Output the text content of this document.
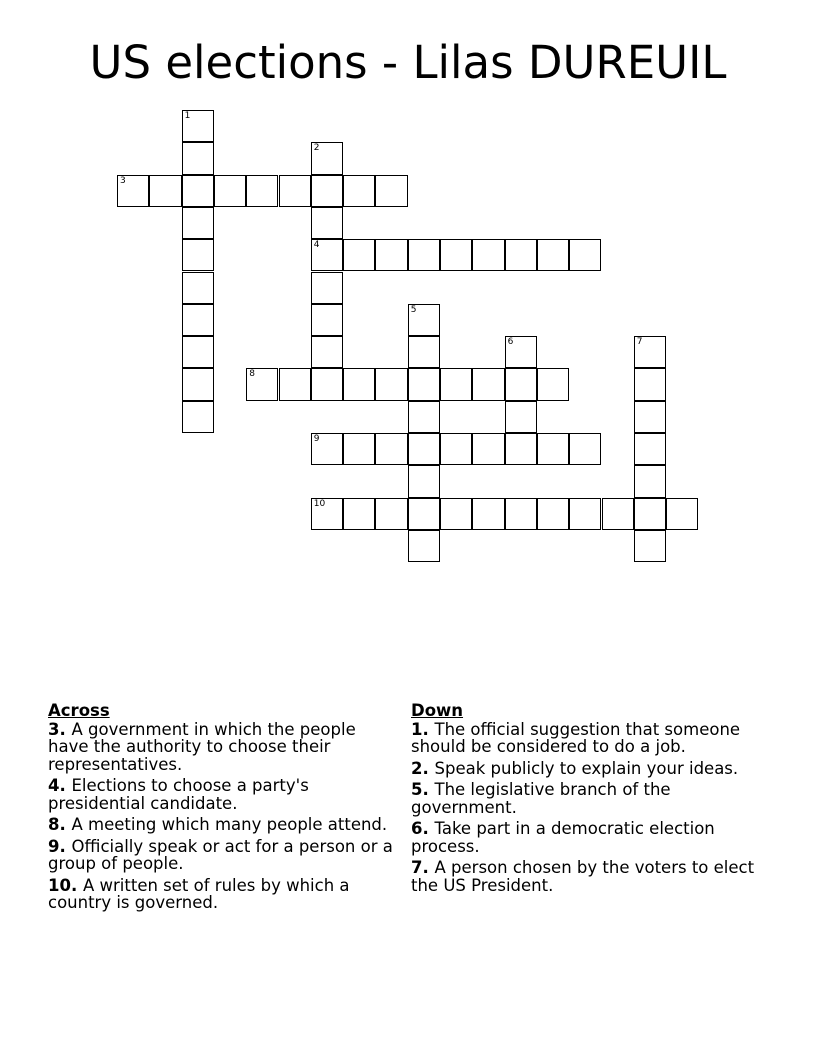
US elections - Lilas DUREUIL
1
2
4
3
5
6	7
8
9
10
Across
3. A government in which the people have the authority to choose their representatives.
4. Elections to choose a party's presidential candidate.
8. A meeting which many people attend.
9. Officially speak or act for a person or a group of people.
10. A written set of rules by which a country is governed.
Down
1. The official suggestion that someone should be considered to do a job.
2. Speak publicly to explain your ideas.
5. The legislative branch of the government.
6. Take part in a democratic election process.
7. A person chosen by the voters to elect the US President.
